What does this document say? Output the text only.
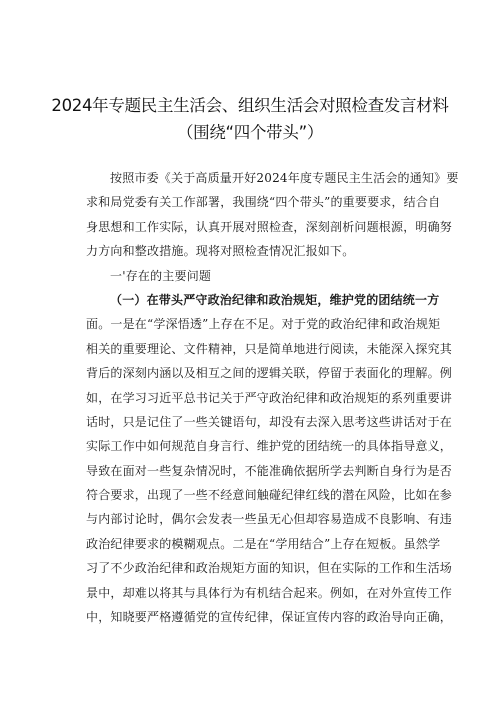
2024年专题民主生活会、组织生活会对照检查发言材料
（围绕“四个带头”）
按照市委《关于高质量开好2024年度专题民主生活会的通知》要
求和局党委有关工作部署，我围绕“四个带头”的重要要求，结合自
身思想和工作实际，认真开展对照检查，深刻剖析问题根源，明确努
力方向和整改措施。现将对照检查情况汇报如下。
一'存在的主要问题
（一）在带头严守政治纪律和政治规矩，维护党的团结统一方
面。一是在“学深悟透”上存在不足。对于党的政治纪律和政治规矩
相关的重要理论、文件精神，只是简单地进行阅读，未能深入探究其
背后的深刻内涵以及相互之间的逻辑关联，停留于表面化的理解。例
如，在学习习近平总书记关于严守政治纪律和政治规矩的系列重要讲
话时，只是记住了一些关键语句，却没有去深入思考这些讲话对于在
实际工作中如何规范自身言行、维护党的团结统一的具体指导意义，
导致在面对一些复杂情况时，不能准确依据所学去判断自身行为是否
符合要求，出现了一些不经意间触碰纪律红线的潜在风险，比如在参
与内部讨论时，偶尔会发表一些虽无心但却容易造成不良影响、有违
政治纪律要求的模糊观点。二是在“学用结合”上存在短板。虽然学
习了不少政治纪律和政治规矩方面的知识，但在实际的工作和生活场
景中，却难以将其与具体行为有机结合起来。例如，在对外宣传工作
中，知晓要严格遵循党的宣传纪律，保证宣传内容的政治导向正确，
